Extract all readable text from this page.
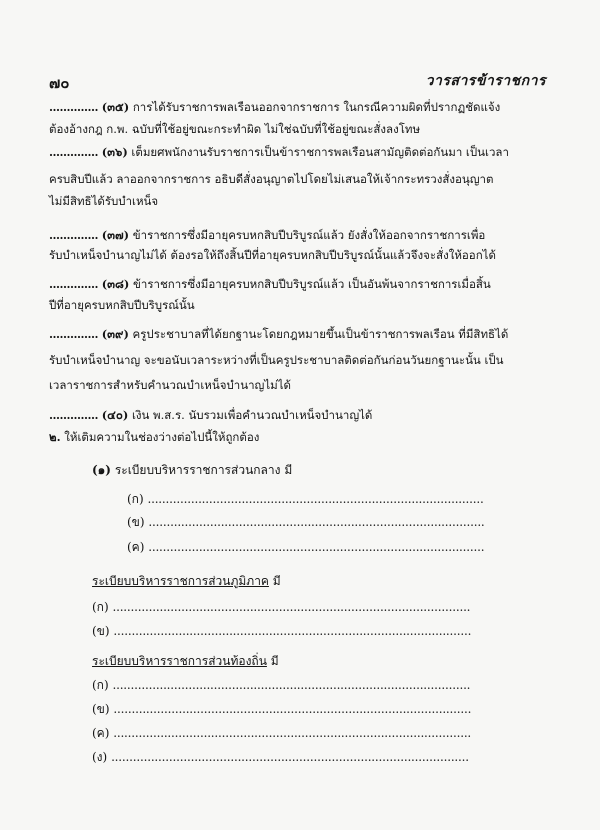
๗๐	วารสารข้าราชการ
.............. (๓๕) การได้รับราชการพลเรือนออกจากราชการ ในกรณีความผิดที่ปรากฏชัดแจ้ง
ต้องอ้างกฎ ก.พ. ฉบับที่ใช้อยู่ขณะกระทำผิด ไม่ใช่ฉบับที่ใช้อยู่ขณะสั่งลงโทษ
.............. (๓๖) เต็มยศพนักงานรับราชการเป็นข้าราชการพลเรือนสามัญติดต่อกันมา เป็นเวลา
ครบสิบปีแล้ว ลาออกจากราชการ อธิบดีสั่งอนุญาตไปโดยไม่เสนอให้เจ้ากระทรวงสั่งอนุญาต
ไม่มีสิทธิได้รับบำเหน็จ
.............. (๓๗) ข้าราชการซึ่งมีอายุครบหกสิบปีบริบูรณ์แล้ว ยังสั่งให้ออกจากราชการเพื่อ
รับบำเหน็จบำนาญไม่ได้ ต้องรอให้ถึงสิ้นปีที่อายุครบหกสิบปีบริบูรณ์นั้นแล้วจึงจะสั่งให้ออกได้
.............. (๓๘) ข้าราชการซึ่งมีอายุครบหกสิบปีบริบูรณ์แล้ว เป็นอันพ้นจากราชการเมื่อสิ้น
ปีที่อายุครบหกสิบปีบริบูรณ์นั้น
.............. (๓๙) ครูประชาบาลที่ได้ยกฐานะโดยกฎหมายขึ้นเป็นข้าราชการพลเรือน ที่มีสิทธิได้
รับบำเหน็จบำนาญ จะขอนับเวลาระหว่างที่เป็นครูประชาบาลติดต่อกันก่อนวันยกฐานะนั้น เป็น
เวลาราชการสำหรับคำนวณบำเหน็จบำนาญไม่ได้
.............. (๔๐) เงิน พ.ส.ร. นับรวมเพื่อคำนวณบำเหน็จบำนาญได้
๒. ให้เติมความในช่องว่างต่อไปนี้ให้ถูกต้อง
(๑) ระเบียบบริหารราชการส่วนกลาง มี
(ก) .............................................................................................
(ข) .............................................................................................
(ค) .............................................................................................
ระเบียบบริหารราชการส่วนภูมิภาค มี
(ก) ...................................................................................................
(ข) ...................................................................................................
ระเบียบบริหารราชการส่วนท้องถิ่น มี
(ก) ...................................................................................................
(ข) ...................................................................................................
(ค) ...................................................................................................
(ง) ...................................................................................................
